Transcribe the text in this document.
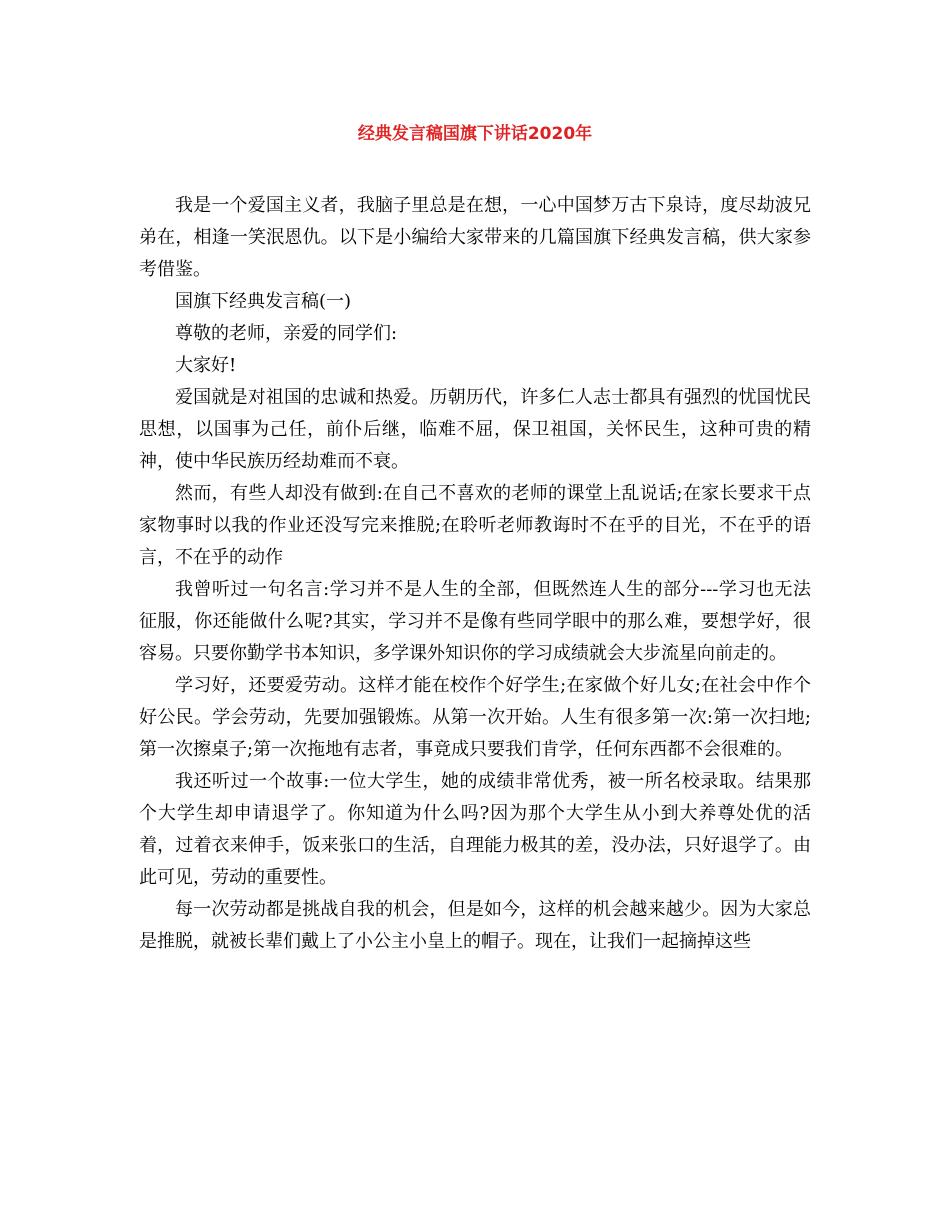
经典发言稿国旗下讲话2020年

我是一个爱国主义者，我脑子里总是在想，一心中国梦万古下泉诗，度尽劫波兄弟在，相逢一笑泯恩仇。以下是小编给大家带来的几篇国旗下经典发言稿，供大家参考借鉴。

国旗下经典发言稿(一)

尊敬的老师，亲爱的同学们:

大家好!

爱国就是对祖国的忠诚和热爱。历朝历代，许多仁人志士都具有强烈的忧国忧民思想，以国事为己任，前仆后继，临难不屈，保卫祖国，关怀民生，这种可贵的精神，使中华民族历经劫难而不衰。

然而，有些人却没有做到:在自己不喜欢的老师的课堂上乱说话;在家长要求干点家物事时以我的作业还没写完来推脱;在聆听老师教诲时不在乎的目光，不在乎的语言，不在乎的动作

我曾听过一句名言:学习并不是人生的全部，但既然连人生的部分---学习也无法征服，你还能做什么呢?其实，学习并不是像有些同学眼中的那么难，要想学好，很容易。只要你勤学书本知识，多学课外知识你的学习成绩就会大步流星向前走的。

学习好，还要爱劳动。这样才能在校作个好学生;在家做个好儿女;在社会中作个好公民。学会劳动，先要加强锻炼。从第一次开始。人生有很多第一次:第一次扫地;第一次擦桌子;第一次拖地有志者，事竟成只要我们肯学，任何东西都不会很难的。

我还听过一个故事:一位大学生，她的成绩非常优秀，被一所名校录取。结果那个大学生却申请退学了。你知道为什么吗?因为那个大学生从小到大养尊处优的活着，过着衣来伸手，饭来张口的生活，自理能力极其的差，没办法，只好退学了。由此可见，劳动的重要性。

每一次劳动都是挑战自我的机会，但是如今，这样的机会越来越少。因为大家总是推脱，就被长辈们戴上了小公主小皇上的帽子。现在，让我们一起摘掉这些
